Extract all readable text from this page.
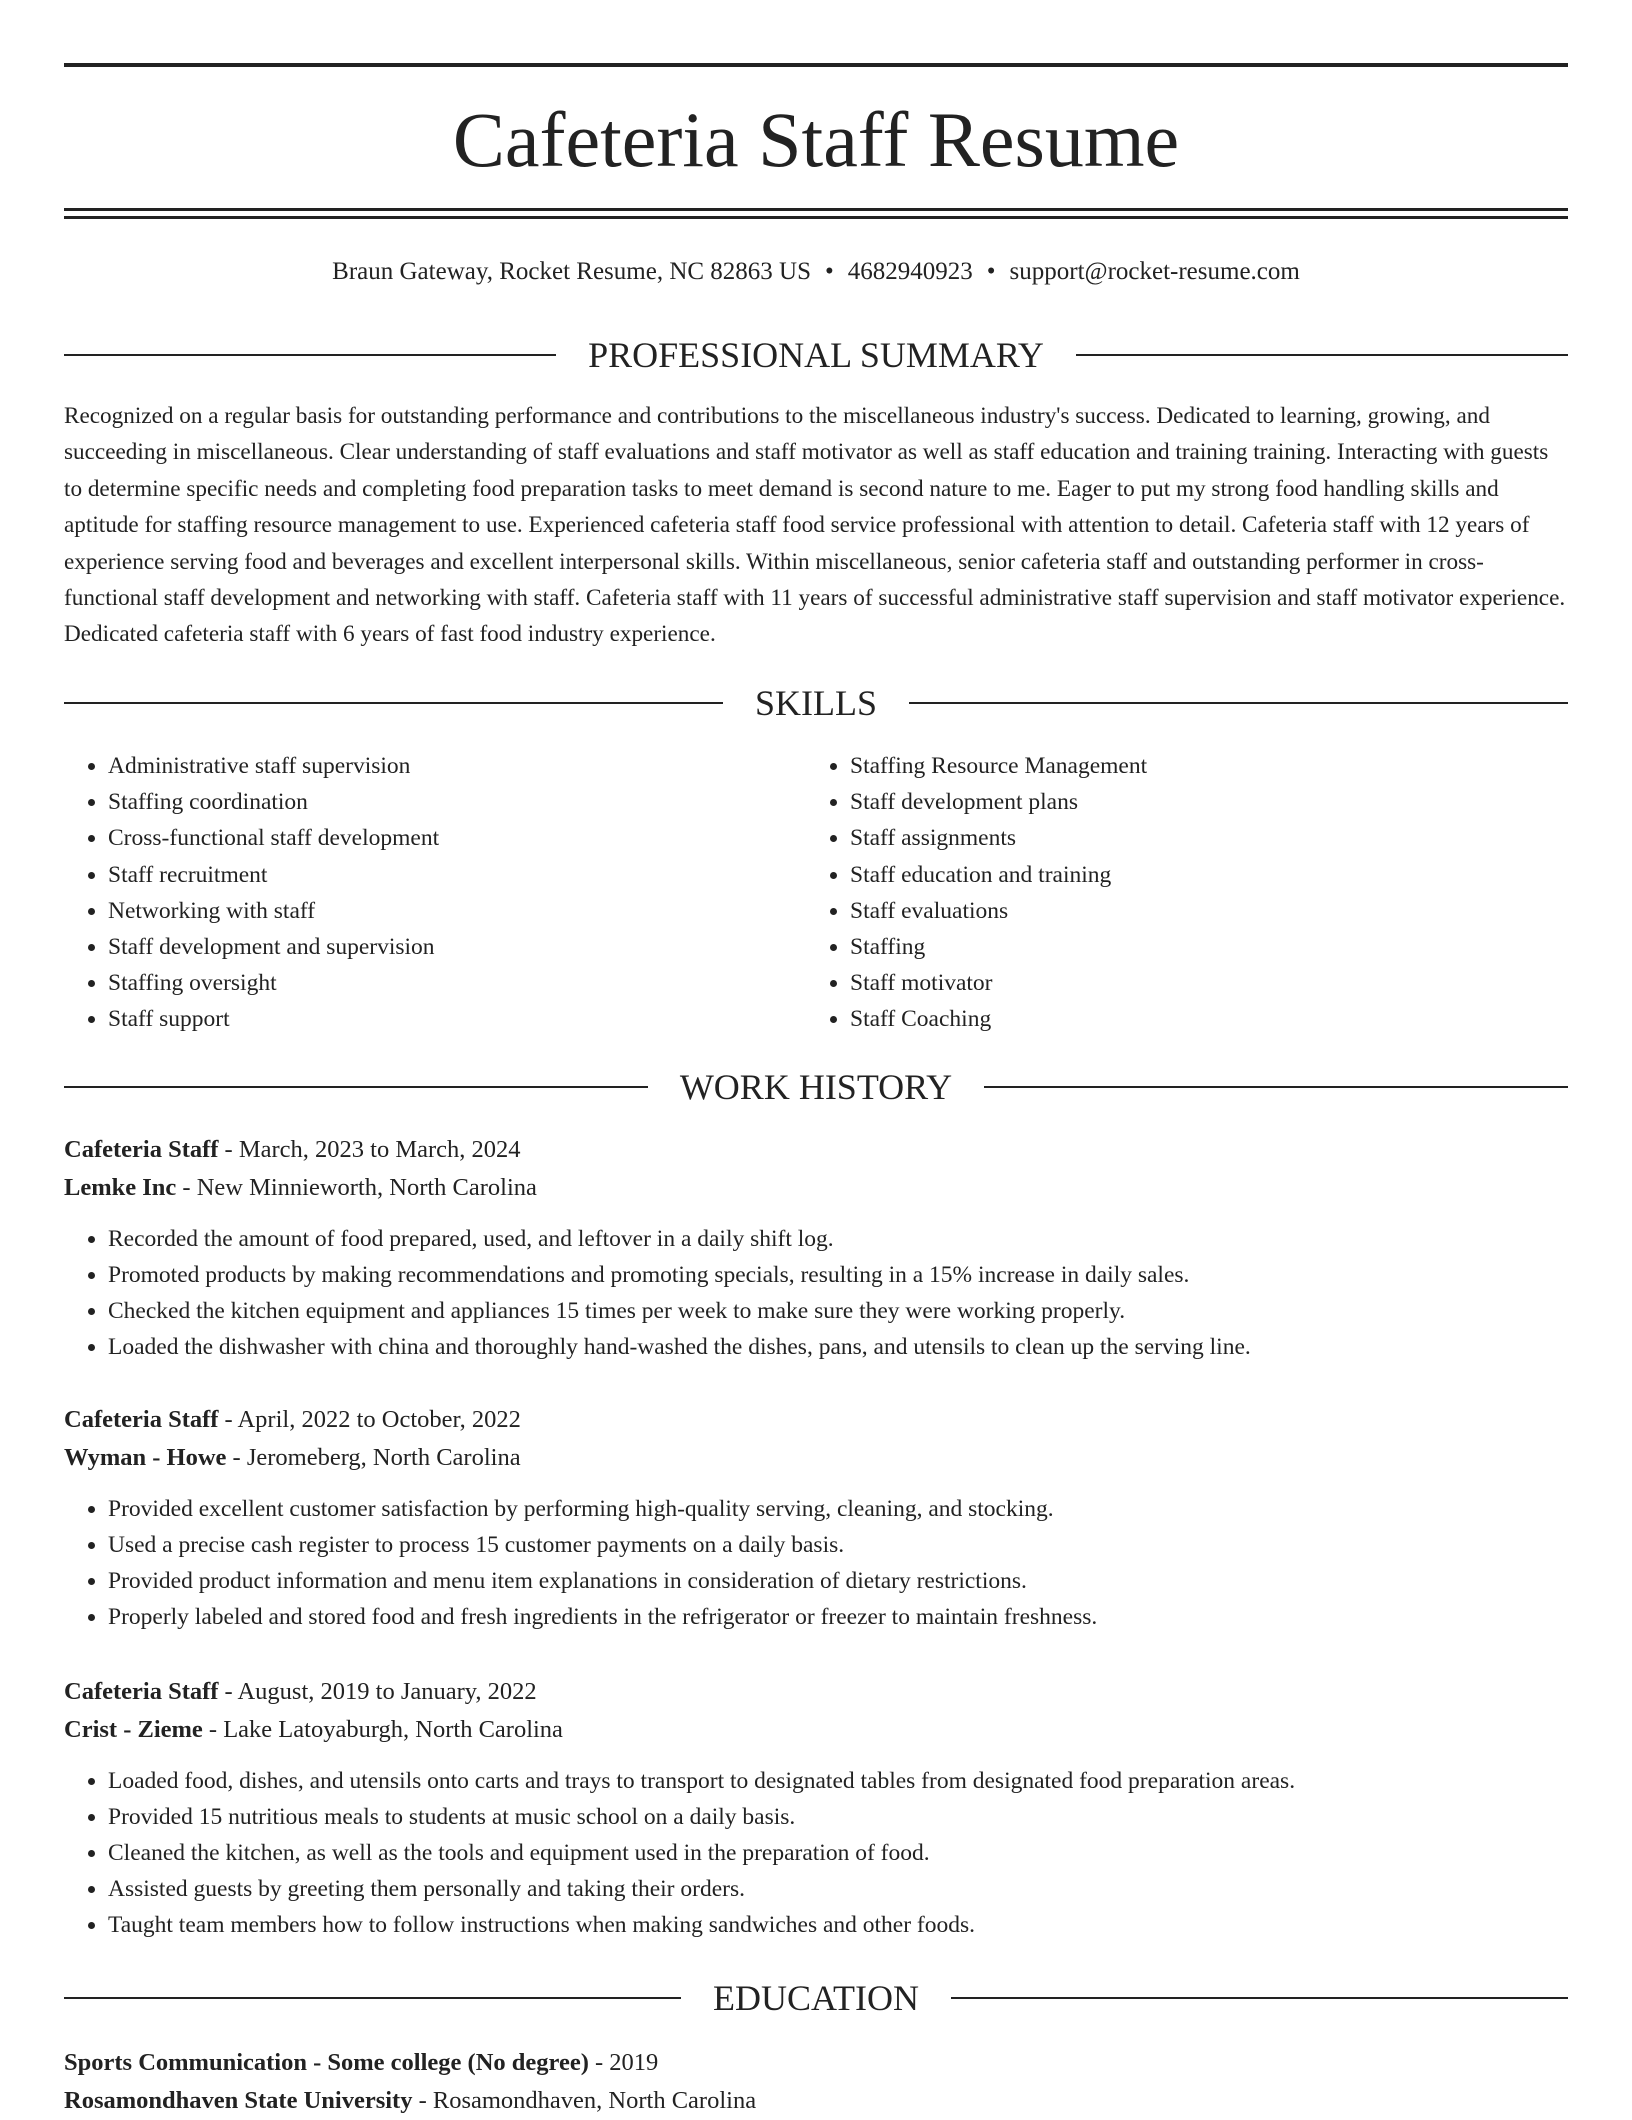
Cafeteria Staff Resume
Braun Gateway, Rocket Resume, NC 82863 US • 4682940923 • support@rocket-resume.com
PROFESSIONAL SUMMARY

Recognized on a regular basis for outstanding performance and contributions to the miscellaneous industry's success. Dedicated to learning, growing, and succeeding in miscellaneous. Clear understanding of staff evaluations and staff motivator as well as staff education and training training. Interacting with guests to determine specific needs and completing food preparation tasks to meet demand is second nature to me. Eager to put my strong food handling skills and aptitude for staffing resource management to use. Experienced cafeteria staff food service professional with attention to detail. Cafeteria staff with 12 years of experience serving food and beverages and excellent interpersonal skills. Within miscellaneous, senior cafeteria staff and outstanding performer in cross-functional staff development and networking with staff. Cafeteria staff with 11 years of successful administrative staff supervision and staff motivator experience. Dedicated cafeteria staff with 6 years of fast food industry experience.

SKILLS
• Administrative staff supervision
• Staffing coordination
• Cross-functional staff development
• Staff recruitment
• Networking with staff
• Staff development and supervision
• Staffing oversight
• Staff support
• Staffing Resource Management
• Staff development plans
• Staff assignments
• Staff education and training
• Staff evaluations
• Staffing
• Staff motivator
• Staff Coaching
WORK HISTORY
Cafeteria Staff - March, 2023 to March, 2024
Lemke Inc - New Minnieworth, North Carolina
• Recorded the amount of food prepared, used, and leftover in a daily shift log.
• Promoted products by making recommendations and promoting specials, resulting in a 15% increase in daily sales.
• Checked the kitchen equipment and appliances 15 times per week to make sure they were working properly.
• Loaded the dishwasher with china and thoroughly hand-washed the dishes, pans, and utensils to clean up the serving line.
Cafeteria Staff - April, 2022 to October, 2022
Wyman - Howe - Jeromeberg, North Carolina
• Provided excellent customer satisfaction by performing high-quality serving, cleaning, and stocking.
• Used a precise cash register to process 15 customer payments on a daily basis.
• Provided product information and menu item explanations in consideration of dietary restrictions.
• Properly labeled and stored food and fresh ingredients in the refrigerator or freezer to maintain freshness.
Cafeteria Staff - August, 2019 to January, 2022
Crist - Zieme - Lake Latoyaburgh, North Carolina
• Loaded food, dishes, and utensils onto carts and trays to transport to designated tables from designated food preparation areas.
• Provided 15 nutritious meals to students at music school on a daily basis.
• Cleaned the kitchen, as well as the tools and equipment used in the preparation of food.
• Assisted guests by greeting them personally and taking their orders.
• Taught team members how to follow instructions when making sandwiches and other foods.
EDUCATION
Sports Communication - Some college (No degree) - 2019
Rosamondhaven State University - Rosamondhaven, North Carolina
